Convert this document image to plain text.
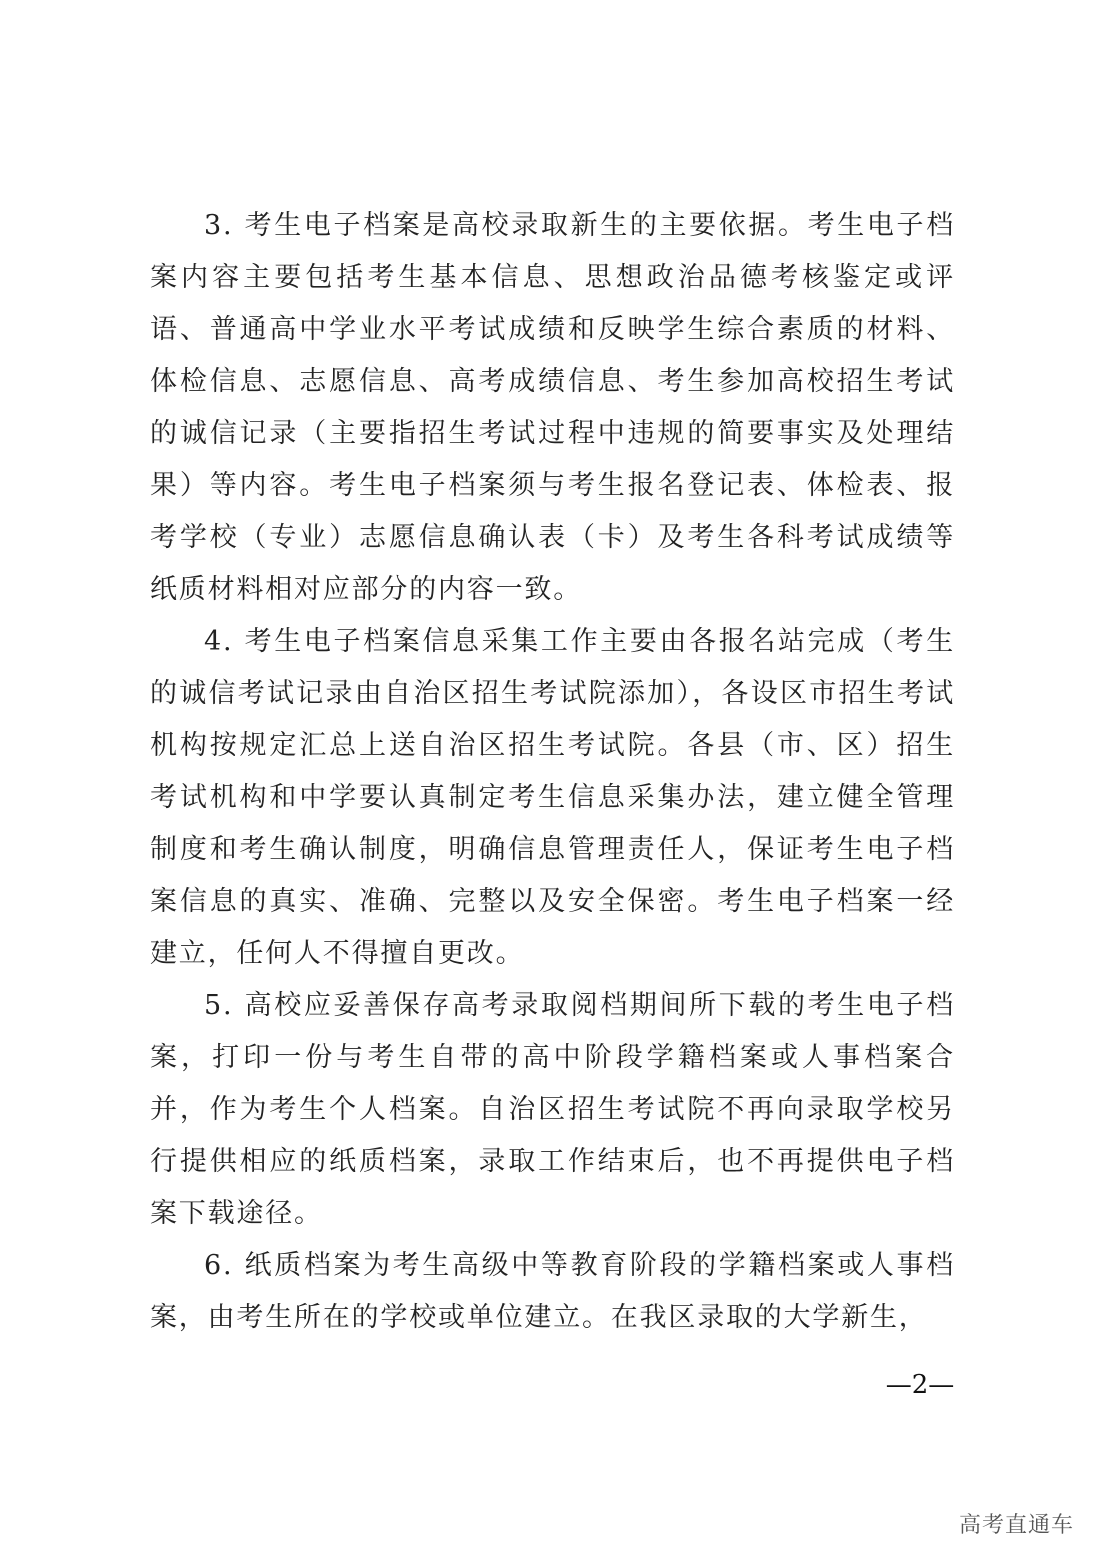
3. 考生电子档案是高校录取新生的主要依据。考生电子档案内容主要包括考生基本信息、思想政治品德考核鉴定或评语、普通高中学业水平考试成绩和反映学生综合素质的材料、体检信息、志愿信息、高考成绩信息、考生参加高校招生考试的诚信记录（主要指招生考试过程中违规的简要事实及处理结果）等内容。考生电子档案须与考生报名登记表、体检表、报考学校（专业）志愿信息确认表（卡）及考生各科考试成绩等纸质材料相对应部分的内容一致。

4. 考生电子档案信息采集工作主要由各报名站完成（考生的诚信考试记录由自治区招生考试院添加），各设区市招生考试机构按规定汇总上送自治区招生考试院。各县（市、区）招生考试机构和中学要认真制定考生信息采集办法，建立健全管理制度和考生确认制度，明确信息管理责任人，保证考生电子档案信息的真实、准确、完整以及安全保密。考生电子档案一经建立，任何人不得擅自更改。

5. 高校应妥善保存高考录取阅档期间所下载的考生电子档案，打印一份与考生自带的高中阶段学籍档案或人事档案合并，作为考生个人档案。自治区招生考试院不再向录取学校另行提供相应的纸质档案，录取工作结束后，也不再提供电子档案下载途径。

6. 纸质档案为考生高级中等教育阶段的学籍档案或人事档案，由考生所在的学校或单位建立。在我区录取的大学新生，

—2—
高考直通车
